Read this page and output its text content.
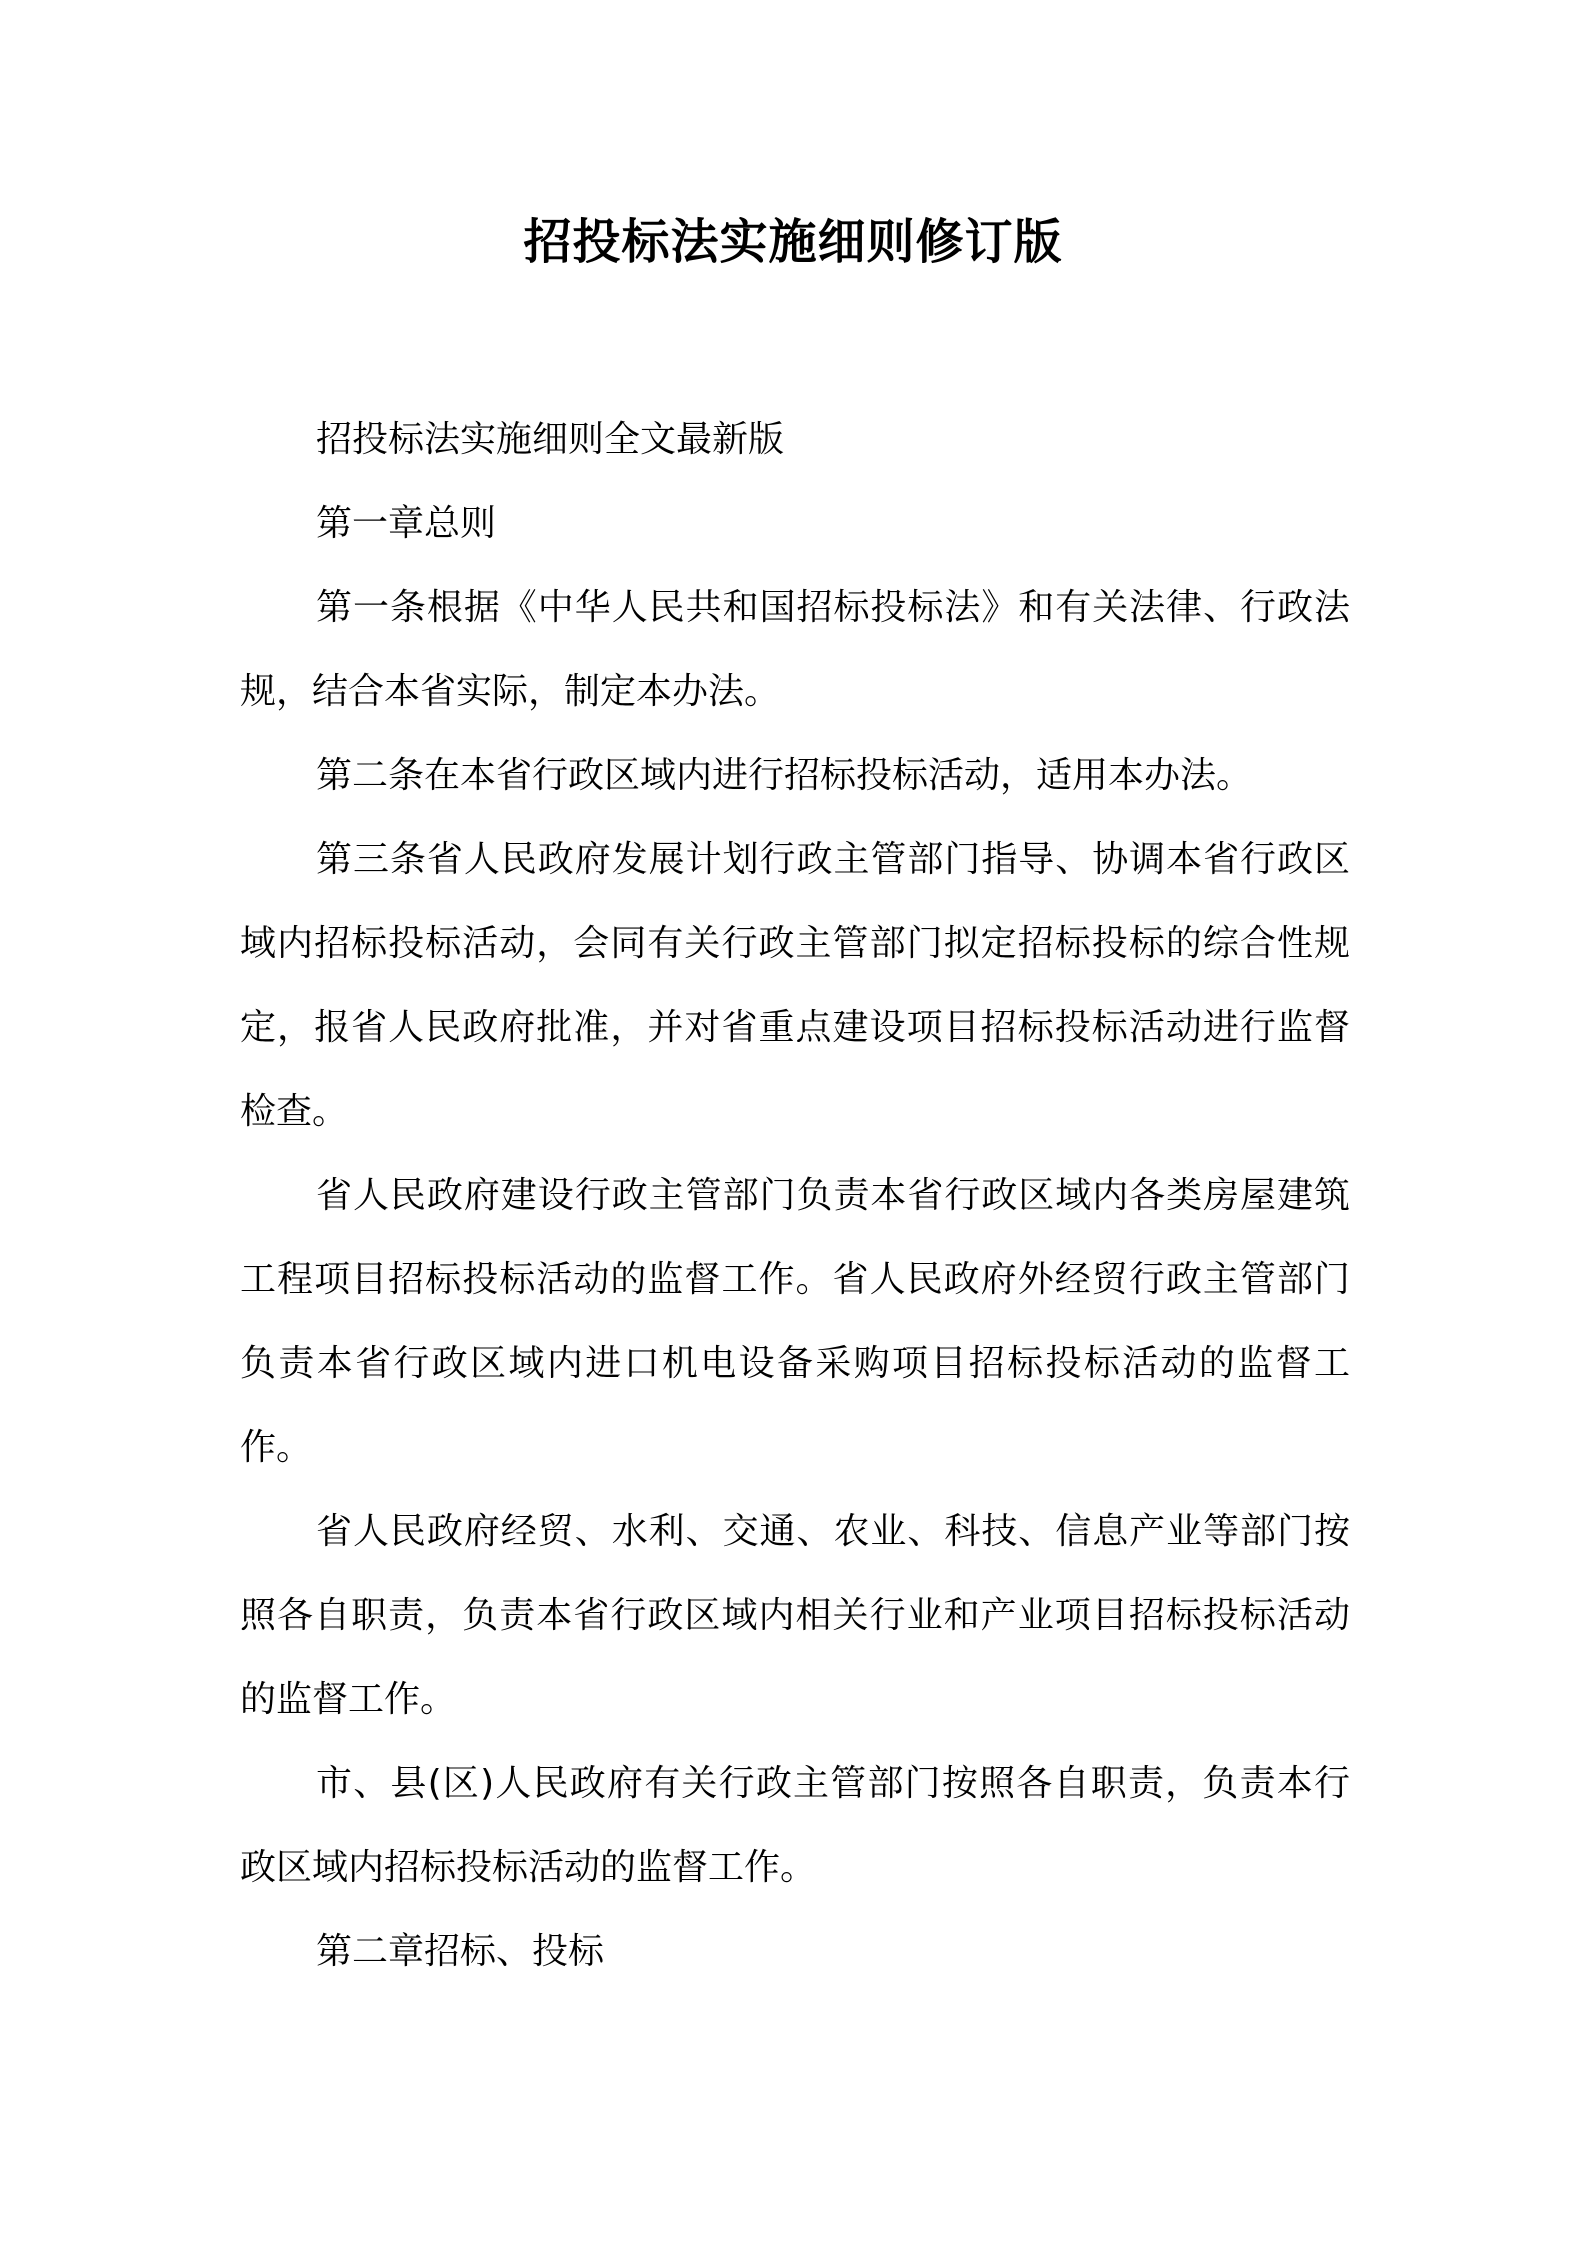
招投标法实施细则修订版

招投标法实施细则全文最新版

第一章总则

第一条根据《中华人民共和国招标投标法》和有关法律、行政法规，结合本省实际，制定本办法。

第二条在本省行政区域内进行招标投标活动，适用本办法。

第三条省人民政府发展计划行政主管部门指导、协调本省行政区域内招标投标活动，会同有关行政主管部门拟定招标投标的综合性规定，报省人民政府批准，并对省重点建设项目招标投标活动进行监督检查。

省人民政府建设行政主管部门负责本省行政区域内各类房屋建筑工程项目招标投标活动的监督工作。省人民政府外经贸行政主管部门负责本省行政区域内进口机电设备采购项目招标投标活动的监督工作。

省人民政府经贸、水利、交通、农业、科技、信息产业等部门按照各自职责，负责本省行政区域内相关行业和产业项目招标投标活动的监督工作。

市、县(区)人民政府有关行政主管部门按照各自职责，负责本行政区域内招标投标活动的监督工作。

第二章招标、投标
